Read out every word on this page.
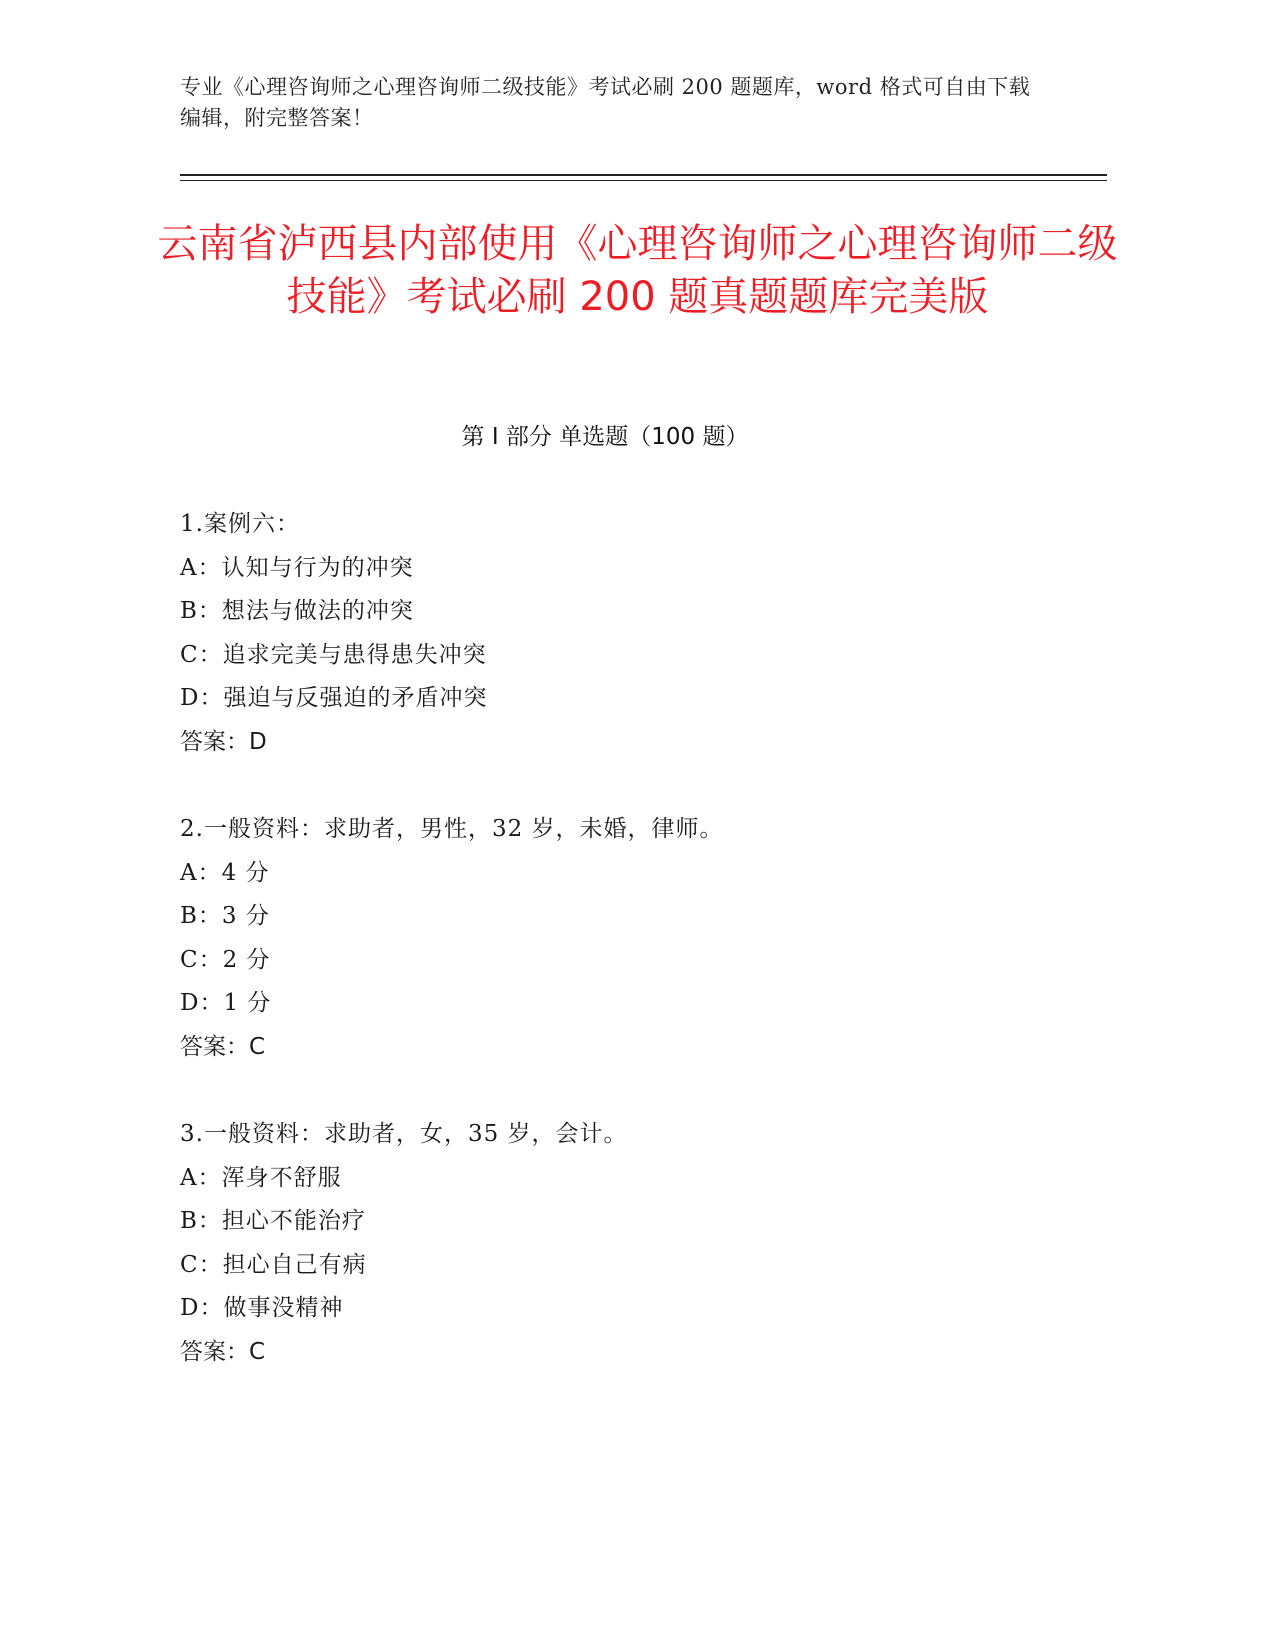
专业《心理咨询师之心理咨询师二级技能》考试必刷 200 题题库，word 格式可自由下载编辑，附完整答案！
云南省泸西县内部使用《心理咨询师之心理咨询师二级技能》考试必刷 200 题真题题库完美版
第 I 部分 单选题（100 题）
1.案例六：
A：认知与行为的冲突
B：想法与做法的冲突
C：追求完美与患得患失冲突
D：强迫与反强迫的矛盾冲突
答案：D
2.一般资料：求助者，男性，32 岁，未婚，律师。
A：4 分
B：3 分
C：2 分
D：1 分
答案：C
3.一般资料：求助者，女，35 岁，会计。
A：浑身不舒服
B：担心不能治疗
C：担心自己有病
D：做事没精神
答案：C
